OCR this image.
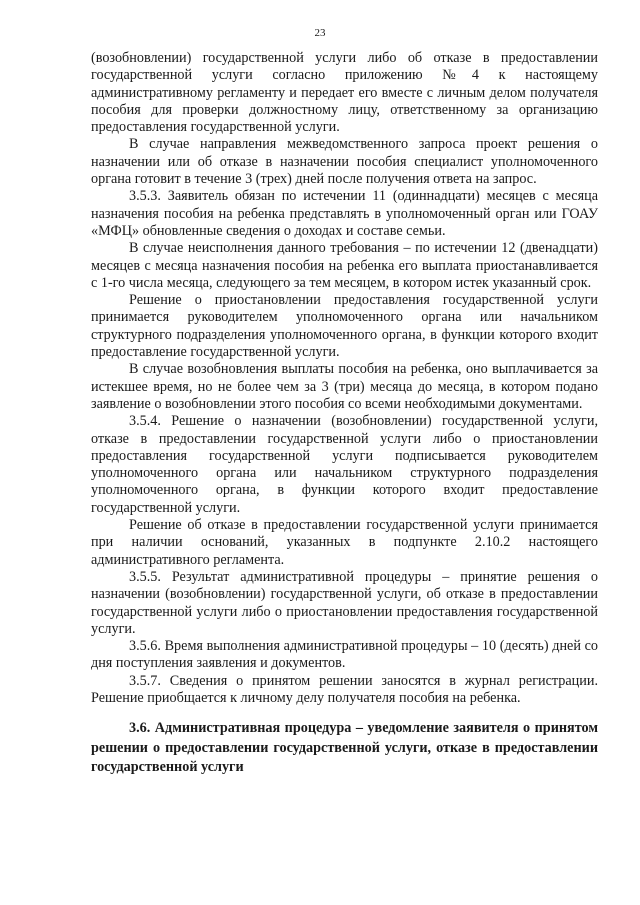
23

(возобновлении) государственной услуги либо об отказе в предоставлении государственной услуги согласно приложению №4 к настоящему административному регламенту и передает его вместе с личным делом получателя пособия для проверки должностному лицу, ответственному за организацию предоставления государственной услуги.

В случае направления межведомственного запроса проект решения о назначении или об отказе в назначении пособия специалист уполномоченного органа готовит в течение 3 (трех) дней после получения ответа на запрос.

3.5.3. Заявитель обязан по истечении 11 (одиннадцати) месяцев с месяца назначения пособия на ребенка представлять в уполномоченный орган или ГОАУ «МФЦ» обновленные сведения о доходах и составе семьи.

В случае неисполнения данного требования – по истечении 12 (двенадцати) месяцев с месяца назначения пособия на ребенка его выплата приостанавливается с 1-го числа месяца, следующего за тем месяцем, в котором истек указанный срок.

Решение о приостановлении предоставления государственной услуги принимается руководителем уполномоченного органа или начальником структурного подразделения уполномоченного органа, в функции которого входит предоставление государственной услуги.

В случае возобновления выплаты пособия на ребенка, оно выплачивается за истекшее время, но не более чем за 3 (три) месяца до месяца, в котором подано заявление о возобновлении этого пособия со всеми необходимыми документами.

3.5.4. Решение о назначении (возобновлении) государственной услуги, отказе в предоставлении государственной услуги либо о приостановлении предоставления государственной услуги подписывается руководителем уполномоченного органа или начальником структурного подразделения уполномоченного органа, в функции которого входит предоставление государственной услуги.

Решение об отказе в предоставлении государственной услуги принимается при наличии оснований, указанных в подпункте 2.10.2 настоящего административного регламента.

3.5.5. Результат административной процедуры – принятие решения о назначении (возобновлении) государственной услуги, об отказе в предоставлении государственной услуги либо о приостановлении предоставления государственной услуги.

3.5.6. Время выполнения административной процедуры – 10 (десять) дней со дня поступления заявления и документов.

3.5.7. Сведения о принятом решении заносятся в журнал регистрации. Решение приобщается к личному делу получателя пособия на ребенка.

3.6. Административная процедура – уведомление заявителя о принятом решении о предоставлении государственной услуги, отказе в предоставлении государственной услуги
